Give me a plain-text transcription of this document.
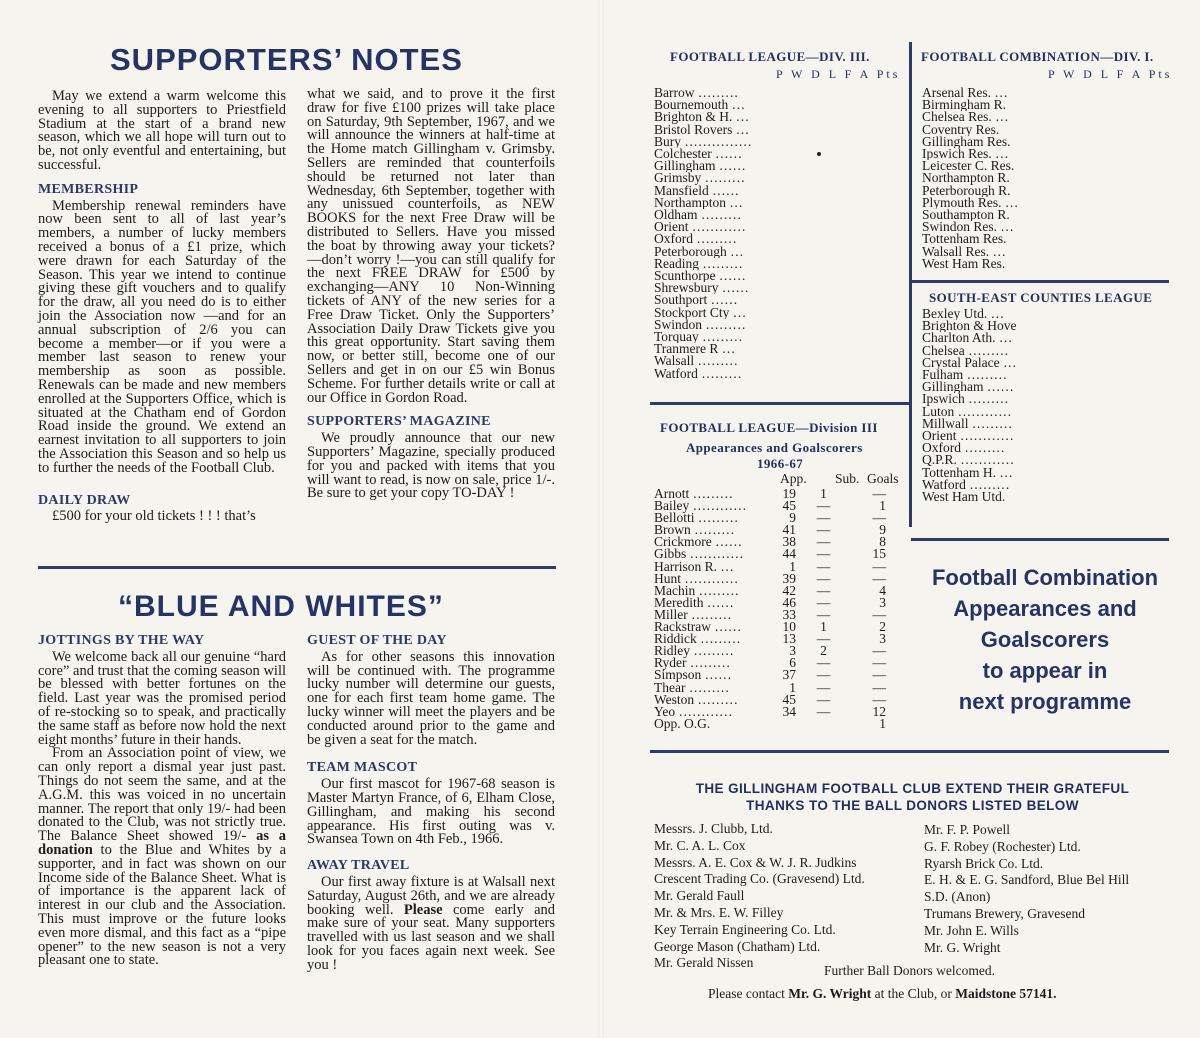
SUPPORTERS’ NOTES

May we extend a warm welcome this evening to all supporters to Priestfield Stadium at the start of a brand new season, which we all hope will turn out to be, not only eventful and entertaining, but successful.

MEMBERSHIP

Membership renewal reminders have now been sent to all of last year’s members, a number of lucky members received a bonus of a £1 prize, which were drawn for each Saturday of the Season. This year we intend to continue giving these gift vouchers and to qualify for the draw, all you need do is to either join the Association now —and for an annual subscription of 2/6 you can become a member—or if you were a member last season to renew your membership as soon as possible. Renewals can be made and new members enrolled at the Supporters Office, which is situated at the Chatham end of Gordon Road inside the ground. We extend an earnest invitation to all supporters to join the Association this Season and so help us to further the needs of the Football Club.

DAILY DRAW

£500 for your old tickets ! ! ! that’s

what we said, and to prove it the first draw for five £100 prizes will take place on Saturday, 9th September, 1967, and we will announce the winners at half-time at the Home match Gillingham v. Grimsby. Sellers are reminded that counterfoils should be returned not later than Wednesday, 6th September, together with any unissued counterfoils, as NEW BOOKS for the next Free Draw will be distributed to Sellers. Have you missed the boat by throwing away your tickets? —don’t worry !—you can still qualify for the next FREE DRAW for £500 by exchanging—ANY 10 Non-Winning tickets of ANY of the new series for a Free Draw Ticket. Only the Supporters’ Association Daily Draw Tickets give you this great opportunity. Start saving them now, or better still, become one of our Sellers and get in on our £5 win Bonus Scheme. For further details write or call at our Office in Gordon Road.

SUPPORTERS’ MAGAZINE

We proudly announce that our new Supporters’ Magazine, specially produced for you and packed with items that you will want to read, is now on sale, price 1/-. Be sure to get your copy TO-DAY !

“BLUE AND WHITES”
JOTTINGS BY THE WAY

We welcome back all our genuine “hard core” and trust that the coming season will be blessed with better fortunes on the field. Last year was the promised period of re-stocking so to speak, and practically the same staff as before now hold the next eight months’ future in their hands.

From an Association point of view, we can only report a dismal year just past. Things do not seem the same, and at the A.G.M. this was voiced in no uncertain manner. The report that only 19/- had been donated to the Club, was not strictly true. The Balance Sheet showed 19/- as a donation to the Blue and Whites by a supporter, and in fact was shown on our Income side of the Balance Sheet. What is of importance is the apparent lack of interest in our club and the Association. This must improve or the future looks even more dismal, and this fact as a “pipe opener” to the new season is not a very pleasant one to state.

GUEST OF THE DAY

As for other seasons this innovation will be continued with. The programme lucky number will determine our guests, one for each first team home game. The lucky winner will meet the players and be conducted around prior to the game and be given a seat for the match.

TEAM MASCOT

Our first mascot for 1967-68 season is Master Martyn France, of 6, Elham Close, Gillingham, and making his second appearance. His first outing was v. Swansea Town on 4th Feb., 1966.

AWAY TRAVEL

Our first away fixture is at Walsall next Saturday, August 26th, and we are already booking well. Please come early and make sure of your seat. Many supporters travelled with us last season and we shall look for you faces again next week. See you !

FOOTBALL LEAGUE—DIV. III.
P W D L F A Pts
Barrow ………
Bournemouth …
Brighton & H. …
Bristol Rovers …
Bury ……………
Colchester ……
Gillingham ……
Grimsby ………
Mansfield ……
Northampton …
Oldham ………
Orient …………
Oxford ………
Peterborough …
Reading ………
Scunthorpe ……
Shrewsbury ……
Southport ……
Stockport Cty …
Swindon ………
Torquay ………
Tranmere R …
Walsall ………
Watford ………
FOOTBALL COMBINATION—DIV. I.
P W D L F A Pts
Arsenal Res. …
Birmingham R.
Chelsea Res. …
Coventry Res.
Gillingham Res.
Ipswich Res. …
Leicester C. Res.
Northampton R.
Peterborough R.
Plymouth Res. …
Southampton R.
Swindon Res. …
Tottenham Res.
Walsall Res. …
West Ham Res.
SOUTH-EAST COUNTIES LEAGUE
Bexley Utd. …
Brighton & Hove
Charlton Ath. …
Chelsea ………
Crystal Palace …
Fulham ………
Gillingham ……
Ipswich ………
Luton …………
Millwall ………
Orient …………
Oxford ………
Q.P.R. …………
Tottenham H. …
Watford ………
West Ham Utd.
FOOTBALL LEAGUE—Division III
Appearances and Goalscorers
1966-67
App. Sub. Goals
Arnott ………	19	1	—
Bailey …………	45	—	1
Bellotti ………	9	—	—
Brown ………	41	—	9
Crickmore ……	38	—	8
Gibbs …………	44	—	15
Harrison R. …	1	—	—
Hunt …………	39	—	—
Machin ………	42	—	4
Meredith ……	46	—	3
Miller ………	33	—	—
Rackstraw ……	10	1	2
Riddick ………	13	—	3
Ridley ………	3	2	—
Ryder ………	6	—	—
Simpson ……	37	—	—
Thear ………	1	—	—
Weston ………	45	—	—
Yeo …………	34	—	12
Opp. O.G.			1
Football Combination
Appearances and
Goalscorers
to appear in
next programme
THE GILLINGHAM FOOTBALL CLUB EXTEND THEIR GRATEFUL
THANKS TO THE BALL DONORS LISTED BELOW
Messrs. J. Clubb, Ltd.
Mr. C. A. L. Cox
Messrs. A. E. Cox & W. J. R. Judkins
Crescent Trading Co. (Gravesend) Ltd.
Mr. Gerald Faull
Mr. & Mrs. E. W. Filley
Key Terrain Engineering Co. Ltd.
George Mason (Chatham) Ltd.
Mr. Gerald Nissen
Mr. F. P. Powell
G. F. Robey (Rochester) Ltd.
Ryarsh Brick Co. Ltd.
E. H. & E. G. Sandford, Blue Bel Hill
S.D. (Anon)
Trumans Brewery, Gravesend
Mr. John E. Wills
Mr. G. Wright
Further Ball Donors welcomed.
Please contact Mr. G. Wright at the Club, or Maidstone 57141.
